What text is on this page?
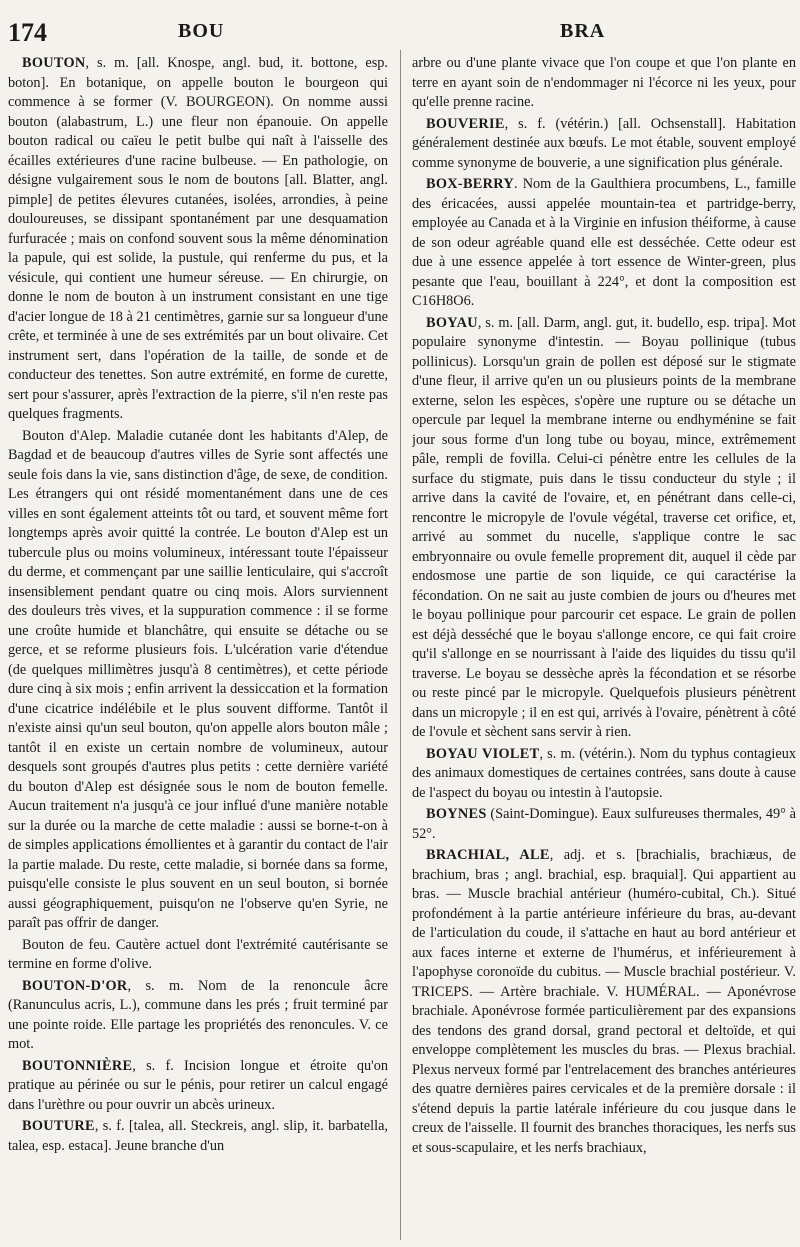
174	BOU	BRA

BOUTON, s. m. [all. Knospe, angl. bud, it. bottone, esp. boton]. En botanique, on appelle bouton le bourgeon qui commence à se former (V. BOURGEON). On nomme aussi bouton (alabastrum, L.) une fleur non épanouie. On appelle bouton radical ou caïeu le petit bulbe qui naît à l'aisselle des écailles extérieures d'une racine bulbeuse. — En pathologie, on désigne vulgairement sous le nom de boutons [all. Blatter, angl. pimple] de petites élevures cutanées, isolées, arrondies, à peine douloureuses, se dissipant spontanément par une desquamation furfuracée ; mais on confond souvent sous la même dénomination la papule, qui est solide, la pustule, qui renferme du pus, et la vésicule, qui contient une humeur séreuse. — En chirurgie, on donne le nom de bouton à un instrument consistant en une tige d'acier longue de 18 à 21 centimètres, garnie sur sa longueur d'une crête, et terminée à une de ses extrémités par un bout olivaire. Cet instrument sert, dans l'opération de la taille, de sonde et de conducteur des tenettes. Son autre extrémité, en forme de curette, sert pour s'assurer, après l'extraction de la pierre, s'il n'en reste pas quelques fragments.

Bouton d'Alep. Maladie cutanée dont les habitants d'Alep, de Bagdad et de beaucoup d'autres villes de Syrie sont affectés une seule fois dans la vie, sans distinction d'âge, de sexe, de condition. Les étrangers qui ont résidé momentanément dans une de ces villes en sont également atteints tôt ou tard, et souvent même fort longtemps après avoir quitté la contrée. Le bouton d'Alep est un tubercule plus ou moins volumineux, intéressant toute l'épaisseur du derme, et commençant par une saillie lenticulaire, qui s'accroît insensiblement pendant quatre ou cinq mois. Alors surviennent des douleurs très vives, et la suppuration commence : il se forme une croûte humide et blanchâtre, qui ensuite se détache ou se gerce, et se reforme plusieurs fois. L'ulcération varie d'étendue (de quelques millimètres jusqu'à 8 centimètres), et cette période dure cinq à six mois ; enfin arrivent la dessiccation et la formation d'une cicatrice indélébile et le plus souvent difforme. Tantôt il n'existe ainsi qu'un seul bouton, qu'on appelle alors bouton mâle ; tantôt il en existe un certain nombre de volumineux, autour desquels sont groupés d'autres plus petits : cette dernière variété du bouton d'Alep est désignée sous le nom de bouton femelle. Aucun traitement n'a jusqu'à ce jour influé d'une manière notable sur la durée ou la marche de cette maladie : aussi se borne-t-on à de simples applications émollientes et à garantir du contact de l'air la partie malade. Du reste, cette maladie, si bornée dans sa forme, puisqu'elle consiste le plus souvent en un seul bouton, si bornée aussi géographiquement, puisqu'on ne l'observe qu'en Syrie, ne paraît pas offrir de danger.

Bouton de feu. Cautère actuel dont l'extrémité cautérisante se termine en forme d'olive.

BOUTON-D'OR, s. m. Nom de la renoncule âcre (Ranunculus acris, L.), commune dans les prés ; fruit terminé par une pointe roide. Elle partage les propriétés des renoncules. V. ce mot.

BOUTONNIÈRE, s. f. Incision longue et étroite qu'on pratique au périnée ou sur le pénis, pour retirer un calcul engagé dans l'urèthre ou pour ouvrir un abcès urineux.

BOUTURE, s. f. [talea, all. Steckreis, angl. slip, it. barbatella, talea, esp. estaca]. Jeune branche d'un

arbre ou d'une plante vivace que l'on coupe et que l'on plante en terre en ayant soin de n'endommager ni l'écorce ni les yeux, pour qu'elle prenne racine.

BOUVERIE, s. f. (vétérin.) [all. Ochsenstall]. Habitation généralement destinée aux bœufs. Le mot étable, souvent employé comme synonyme de bouverie, a une signification plus générale.

BOX-BERRY. Nom de la Gaulthiera procumbens, L., famille des éricacées, aussi appelée mountain-tea et partridge-berry, employée au Canada et à la Virginie en infusion théiforme, à cause de son odeur agréable quand elle est desséchée. Cette odeur est due à une essence appelée à tort essence de Winter-green, plus pesante que l'eau, bouillant à 224°, et dont la composition est C16H8O6.

BOYAU, s. m. [all. Darm, angl. gut, it. budello, esp. tripa]. Mot populaire synonyme d'intestin. — Boyau pollinique (tubus pollinicus). Lorsqu'un grain de pollen est déposé sur le stigmate d'une fleur, il arrive qu'en un ou plusieurs points de la membrane externe, selon les espèces, s'opère une rupture ou se détache un opercule par lequel la membrane interne ou endhyménine se fait jour sous forme d'un long tube ou boyau, mince, extrêmement pâle, rempli de fovilla. Celui-ci pénètre entre les cellules de la surface du stigmate, puis dans le tissu conducteur du style ; il arrive dans la cavité de l'ovaire, et, en pénétrant dans celle-ci, rencontre le micropyle de l'ovule végétal, traverse cet orifice, et, arrivé au sommet du nucelle, s'applique contre le sac embryonnaire ou ovule femelle proprement dit, auquel il cède par endosmose une partie de son liquide, ce qui caractérise la fécondation. On ne sait au juste combien de jours ou d'heures met le boyau pollinique pour parcourir cet espace. Le grain de pollen est déjà desséché que le boyau s'allonge encore, ce qui fait croire qu'il s'allonge en se nourrissant à l'aide des liquides du tissu qu'il traverse. Le boyau se dessèche après la fécondation et se résorbe ou reste pincé par le micropyle. Quelquefois plusieurs pénètrent dans un micropyle ; il en est qui, arrivés à l'ovaire, pénètrent à côté de l'ovule et sèchent sans servir à rien.

BOYAU VIOLET, s. m. (vétérin.). Nom du typhus contagieux des animaux domestiques de certaines contrées, sans doute à cause de l'aspect du boyau ou intestin à l'autopsie.

BOYNES (Saint-Domingue). Eaux sulfureuses thermales, 49° à 52°.

BRACHIAL, ALE, adj. et s. [brachialis, brachiæus, de brachium, bras ; angl. brachial, esp. braquial]. Qui appartient au bras. — Muscle brachial antérieur (huméro-cubital, Ch.). Situé profondément à la partie antérieure inférieure du bras, au-devant de l'articulation du coude, il s'attache en haut au bord antérieur et aux faces interne et externe de l'humérus, et inférieurement à l'apophyse coronoïde du cubitus. — Muscle brachial postérieur. V. TRICEPS. — Artère brachiale. V. HUMÉRAL. — Aponévrose brachiale. Aponévrose formée particulièrement par des expansions des tendons des grand dorsal, grand pectoral et deltoïde, et qui enveloppe complètement les muscles du bras. — Plexus brachial. Plexus nerveux formé par l'entrelacement des branches antérieures des quatre dernières paires cervicales et de la première dorsale : il s'étend depuis la partie latérale inférieure du cou jusque dans le creux de l'aisselle. Il fournit des branches thoraciques, les nerfs sus et sous-scapulaire, et les nerfs brachiaux,
